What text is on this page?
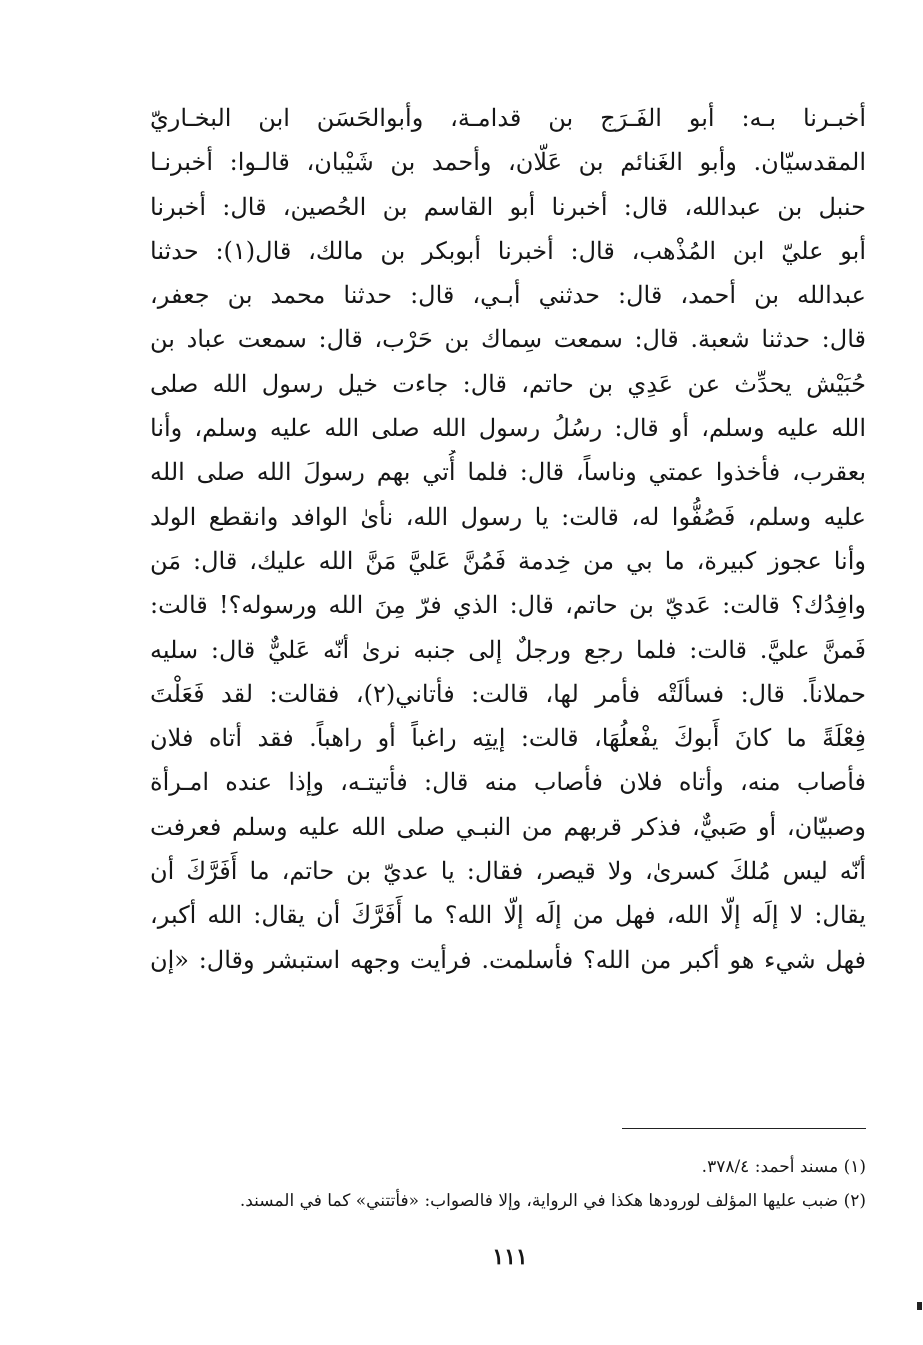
أخبـرنا بـه: أبو الفَـرَج بن قدامـة، وأبوالحَسَن ابن البخـاريّ
المقدسيّان. وأبو الغَنائم بن عَلّان، وأحمد بن شَيْبان، قالـوا: أخبرنـا
حنبل بن عبدالله، قال: أخبرنا أبو القاسم بن الحُصين، قال: أخبرنا
أبو عليّ ابن المُذْهب، قال: أخبرنا أبوبكر بن مالك، قال(١): حدثنا
عبدالله بن أحمد، قال: حدثني أبـي، قال: حدثنا محمد بن جعفر،
قال: حدثنا شعبة. قال: سمعت سِماك بن حَرْب، قال: سمعت عباد بن
حُبَيْش يحدِّث عن عَدِي بن حاتم، قال: جاءت خيل رسول الله صلى
الله عليه وسلم، أو قال: رسُلُ رسول الله صلى الله عليه وسلم، وأنا
بعقرب، فأخذوا عمتي وناساً، قال: فلما أُتي بهم رسولَ الله صلى الله
عليه وسلم، فَصُفُّوا له، قالت: يا رسول الله، نأىٰ الوافد وانقطع الولد
وأنا عجوز كبيرة، ما بي من خِدمة فَمُنَّ عَليَّ مَنَّ الله عليك، قال: مَن
وافِدُك؟ قالت: عَديّ بن حاتم، قال: الذي فرّ مِنَ الله ورسوله؟! قالت:
فَمنَّ عليَّ. قالت: فلما رجع ورجلٌ إلى جنبه نرىٰ أنّه عَليٌّ قال: سليه
حملاناً. قال: فسألَتْه فأمر لها، قالت: فأتاني(٢)، فقالت: لقد فَعَلْتَ
فِعْلَةً ما كانَ أَبوكَ يفْعلُهَا، قالت: إيتِه راغباً أو راهباً. فقد أتاه فلان
فأصاب منه، وأتاه فلان فأصاب منه قال: فأتيتـه، وإذا عنده امـرأة
وصبيّان، أو صَبيٌّ، فذكر قربهم من النبـي صلى الله عليه وسلم فعرفت
أنّه ليس مُلكَ كسرىٰ، ولا قيصر، فقال: يا عديّ بن حاتم، ما أَفَرَّكَ أن
يقال: لا إلَه إلّا الله، فهل من إلَه إلّا الله؟ ما أَفَرَّكَ أن يقال: الله أكبر،
فهل شيء هو أكبر من الله؟ فأسلمت. فرأيت وجهه استبشر وقال: «إن
(١) مسند أحمد: ٣٧٨/٤.
(٢) ضبب عليها المؤلف لورودها هكذا في الرواية، وإلا فالصواب: «فأتتني» كما في المسند.
١١١
